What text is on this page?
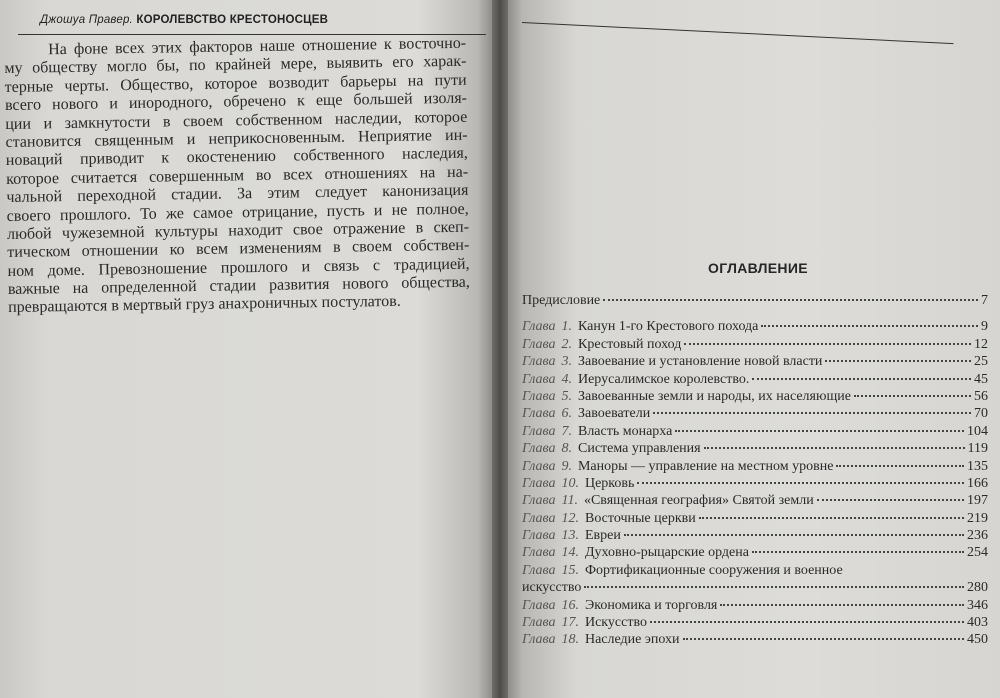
Джошуа Правер. КОРОЛЕВСТВО КРЕСТОНОСЦЕВ
На фоне всех этих факторов наше отношение к восточно-
му обществу могло бы, по крайней мере, выявить его харак-
терные черты. Общество, которое возводит барьеры на пути
всего нового и инородного, обречено к еще большей изоля-
ции и замкнутости в своем собственном наследии, которое
становится священным и неприкосновенным. Неприятие ин-
новаций приводит к окостенению собственного наследия,
которое считается совершенным во всех отношениях на на-
чальной переходной стадии. За этим следует канонизация
своего прошлого. То же самое отрицание, пусть и не полное,
любой чужеземной культуры находит свое отражение в скеп-
тическом отношении ко всем изменениям в своем собствен-
ном доме. Превозношение прошлого и связь с традицией,
важные на определенной стадии развития нового общества,
превращаются в мертвый груз анахроничных постулатов.
ОГЛАВЛЕНИЕ
Предисловие	7
Глава 1. Канун 1-го Крестового похода	9
Глава 2. Крестовый поход	12
Глава 3. Завоевание и установление новой власти	25
Глава 4. Иерусалимское королевство.	45
Глава 5. Завоеванные земли и народы, их населяющие	56
Глава 6. Завоеватели	70
Глава 7. Власть монарха	104
Глава 8. Система управления	119
Глава 9. Маноры — управление на местном уровне	135
Глава 10. Церковь	166
Глава 11. «Священная география» Святой земли	197
Глава 12. Восточные церкви	219
Глава 13. Евреи	236
Глава 14. Духовно-рыцарские ордена	254
Глава 15. Фортификационные сооружения и военное
искусство	280
Глава 16. Экономика и торговля	346
Глава 17. Искусство	403
Глава 18. Наследие эпохи	450
